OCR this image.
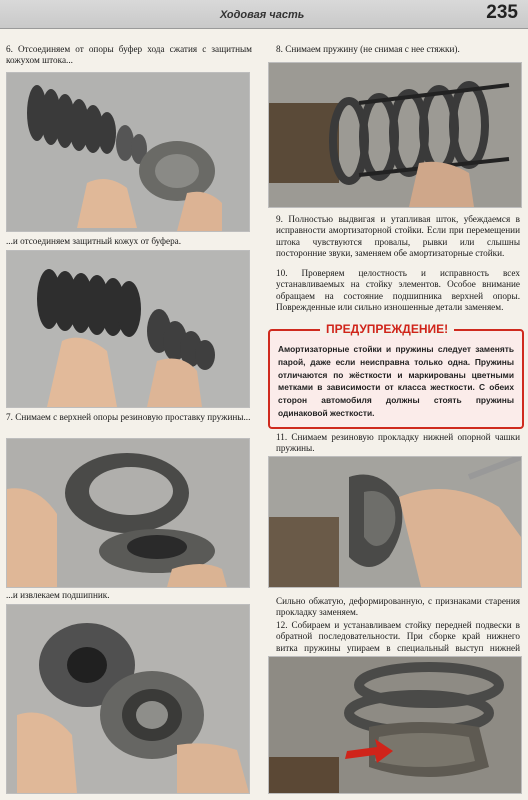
Ходовая часть	235
6. Отсоединяем от опоры буфер хода сжатия с защитным кожухом штока...
...и отсоединяем защитный кожух от буфера.
7. Снимаем с верхней опоры резиновую проставку пружины...
...и извлекаем подшипник.
8. Снимаем пружину (не снимая с нее стяжки).
9. Полностью выдвигая и утапливая шток, убеждаемся в исправности амортизаторной стойки. Если при перемещении штока чувствуются провалы, рывки или слышны посторонние звуки, заменяем обе амортизаторные стойки.
10. Проверяем целостность и исправность всех устанавливаемых на стойку элементов. Особое внимание обращаем на состояние подшипника верхней опоры. Поврежденные или сильно изношенные детали заменяем.
ПРЕДУПРЕЖДЕНИЕ!
Амортизаторные стойки и пружины следует заменять парой, даже если неисправна только одна. Пружины отличаются по жёсткости и маркированы цветными метками в зависимости от класса жесткости. С обеих сторон автомобиля должны стоять пружины одинаковой жесткости.
11. Снимаем резиновую прокладку нижней опорной чашки пружины.
Сильно обжатую, деформированную, с признаками старения прокладку заменяем.
12. Собираем и устанавливаем стойку передней подвески в обратной последовательности. При сборке край нижнего витка пружины упираем в специальный выступ нижней
